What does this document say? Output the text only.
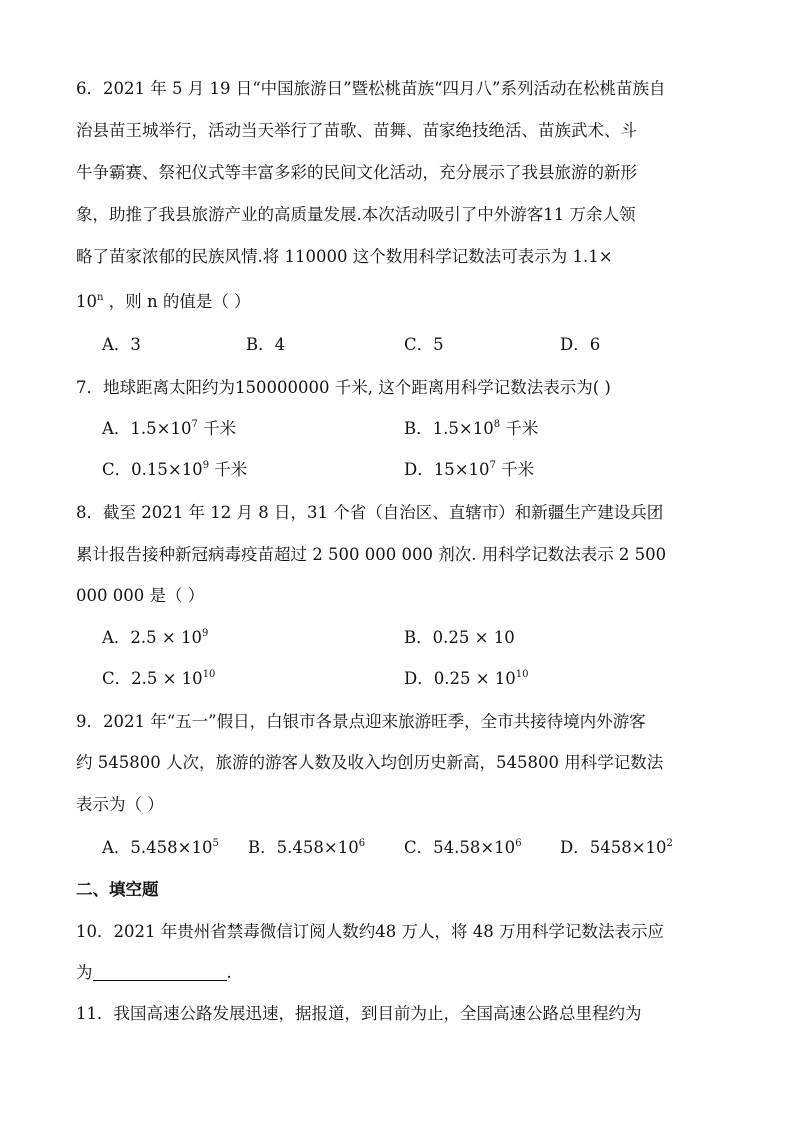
6．2021 年 5 月 19 日“中国旅游日”暨松桃苗族“四月八”系列活动在松桃苗族自
治县苗王城举行，活动当天举行了苗歌、苗舞、苗家绝技绝活、苗族武术、斗
牛争霸赛、祭祀仪式等丰富多彩的民间文化活动，充分展示了我县旅游的新形
象，助推了我县旅游产业的高质量发展.本次活动吸引了中外游客11 万余人领
略了苗家浓郁的民族风情.将 110000 这个数用科学记数法可表示为 1.1×
$10^n$ ，则 n 的值是（ ）
A．3	B．4	C．5	D．6
7．地球距离太阳约为150000000 千米, 这个距离用科学记数法表示为( )
A．$1.5\times 10^7$ 千米	B．$1.5\times 10^8$ 千米
C．$0.15\times 10^9$ 千米	D．$15\times 10^7$ 千米
8．截至 2021 年 12 月 8 日，31 个省（自治区、直辖市）和新疆生产建设兵团
累计报告接种新冠病毒疫苗超过 2 500 000 000 剂次. 用科学记数法表示 2 500
000 000 是（ ）
A．$2.5 \times 10^9$	B．0.25 × 10
C．$2.5 \times 10^{10}$	D．$0.25 \times 10^{10}$
9．2021 年“五一”假日，白银市各景点迎来旅游旺季，全市共接待境内外游客
约 545800 人次，旅游的游客人数及收入均创历史新高，545800 用科学记数法
表示为（ ）
A．$5.458\times 10^5$ B．$5.458\times 10^6$ C．$54.58\times 10^6$ D．$5458\times 10^2$
二、填空题
10．2021 年贵州省禁毒微信订阅人数约48 万人，将 48 万用科学记数法表示应
为	.
11．我国高速公路发展迅速，据报道，到目前为止，全国高速公路总里程约为
